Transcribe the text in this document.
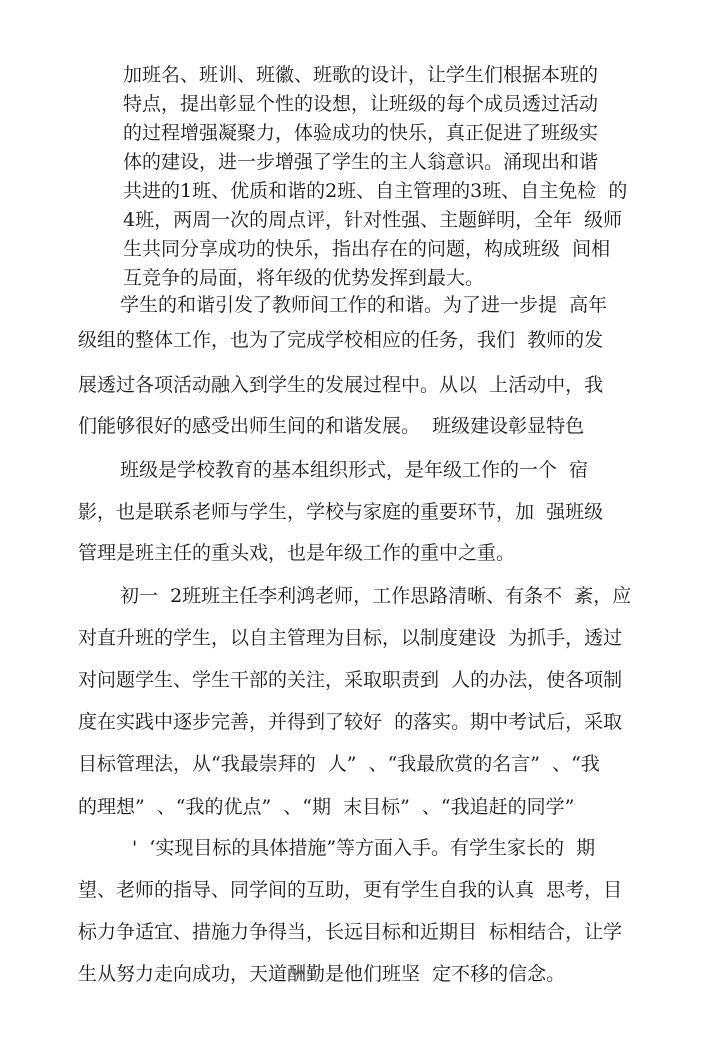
加班名、班训、班徽、班歌的设计，让学生们根据本班的
特点，提出彰显个性的设想，让班级的每个成员透过活动
的过程增强凝聚力，体验成功的快乐，真正促进了班级实
体的建设，进一步增强了学生的主人翁意识。涌现出和谐
共进的1班、优质和谐的2班、自主管理的3班、自主免检  的
4班，两周一次的周点评，针对性强、主题鲜明，全年  级师
生共同分享成功的快乐，指出存在的问题，构成班级  间相
互竞争的局面，将年级的优势发挥到最大。
学生的和谐引发了教师间工作的和谐。为了进一步提  高年
级组的整体工作，也为了完成学校相应的任务，我们  教师的发
展透过各项活动融入到学生的发展过程中。从以  上活动中，我
们能够很好的感受出师生间的和谐发展。  班级建设彰显特色
班级是学校教育的基本组织形式，是年级工作的一个  宿
影，也是联系老师与学生，学校与家庭的重要环节，加  强班级
管理是班主任的重头戏，也是年级工作的重中之重。
初一  2班班主任李利鸿老师，工作思路清晰、有条不  紊，应
对直升班的学生，以自主管理为目标，以制度建设  为抓手，透过
对问题学生、学生干部的关注，采取职责到  人的办法，使各项制
度在实践中逐步完善，并得到了较好  的落实。期中考试后，采取
目标管理法，从“我最崇拜的  人”  、“我最欣赏的名言”  、“我
的理想”  、“我的优点”  、“期  末目标”  、“我追赶的同学”
'  ‘实现目标的具体措施”等方面入手。有学生家长的  期
望、老师的指导、同学间的互助，更有学生自我的认真  思考，目
标力争适宜、措施力争得当，长远目标和近期目  标相结合，让学
生从努力走向成功，天道酬勤是他们班坚  定不移的信念。
